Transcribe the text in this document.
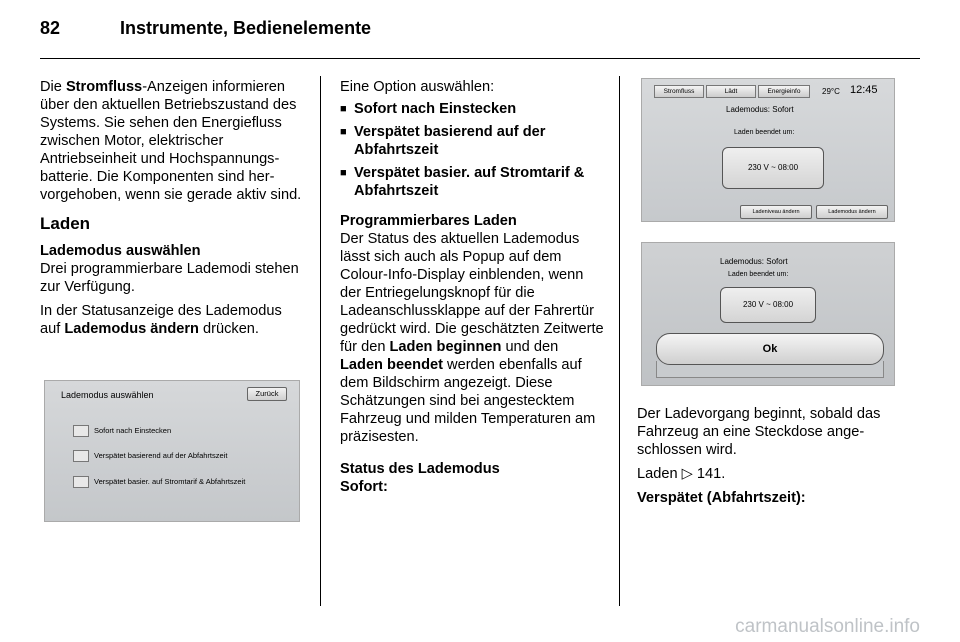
82	Instrumente, Bedienelemente

Die Stromfluss-Anzeigen informieren über den aktuellen Betriebszustand des Systems. Sie sehen den Energiefluss zwischen Motor, elektrischer Antriebseinheit und Hochspannungsbatterie. Die Komponenten sind hervorgehoben, wenn sie gerade aktiv sind.

Laden
Lademodus auswählen

Drei programmierbare Lademodi stehen zur Verfügung.

In der Statusanzeige des Lademodus auf Lademodus ändern drücken.

Lademodus auswählen	Zurück
Sofort nach Einstecken
Verspätet basierend auf der Abfahrtszeit
Verspätet basier. auf Stromtarif & Abfahrtszeit

Eine Option auswählen:

■ Sofort nach Einstecken
■ Verspätet basierend auf der Abfahrtszeit
■ Verspätet basier. auf Stromtarif & Abfahrtszeit
Programmierbares Laden

Der Status des aktuellen Lademodus lässt sich auch als Popup auf dem Colour-Info-Display einblenden, wenn der Entriegelungsknopf für die Ladeanschlussklappe auf der Fahrertür gedrückt wird. Die geschätzten Zeitwerte für den Laden beginnen und den Laden beendet werden ebenfalls auf dem Bildschirm angezeigt. Diese Schätzungen sind bei angestecktem Fahrzeug und milden Temperaturen am präzisesten.

Status des Lademodus
Sofort:
Stromfluss	Lädt	Energieinfo	29°C 12:45
Lademodus: Sofort
Laden beendet um:
230 V ~ 08:00
Ladeniveau ändern	Lademodus ändern
Lademodus: Sofort
Laden beendet um:
230 V ~ 08:00
Ok

Der Ladevorgang beginnt, sobald das Fahrzeug an eine Steckdose angeschlossen wird.

Laden ▷ 141.

Verspätet (Abfahrtszeit):
carmanualsonline.info
